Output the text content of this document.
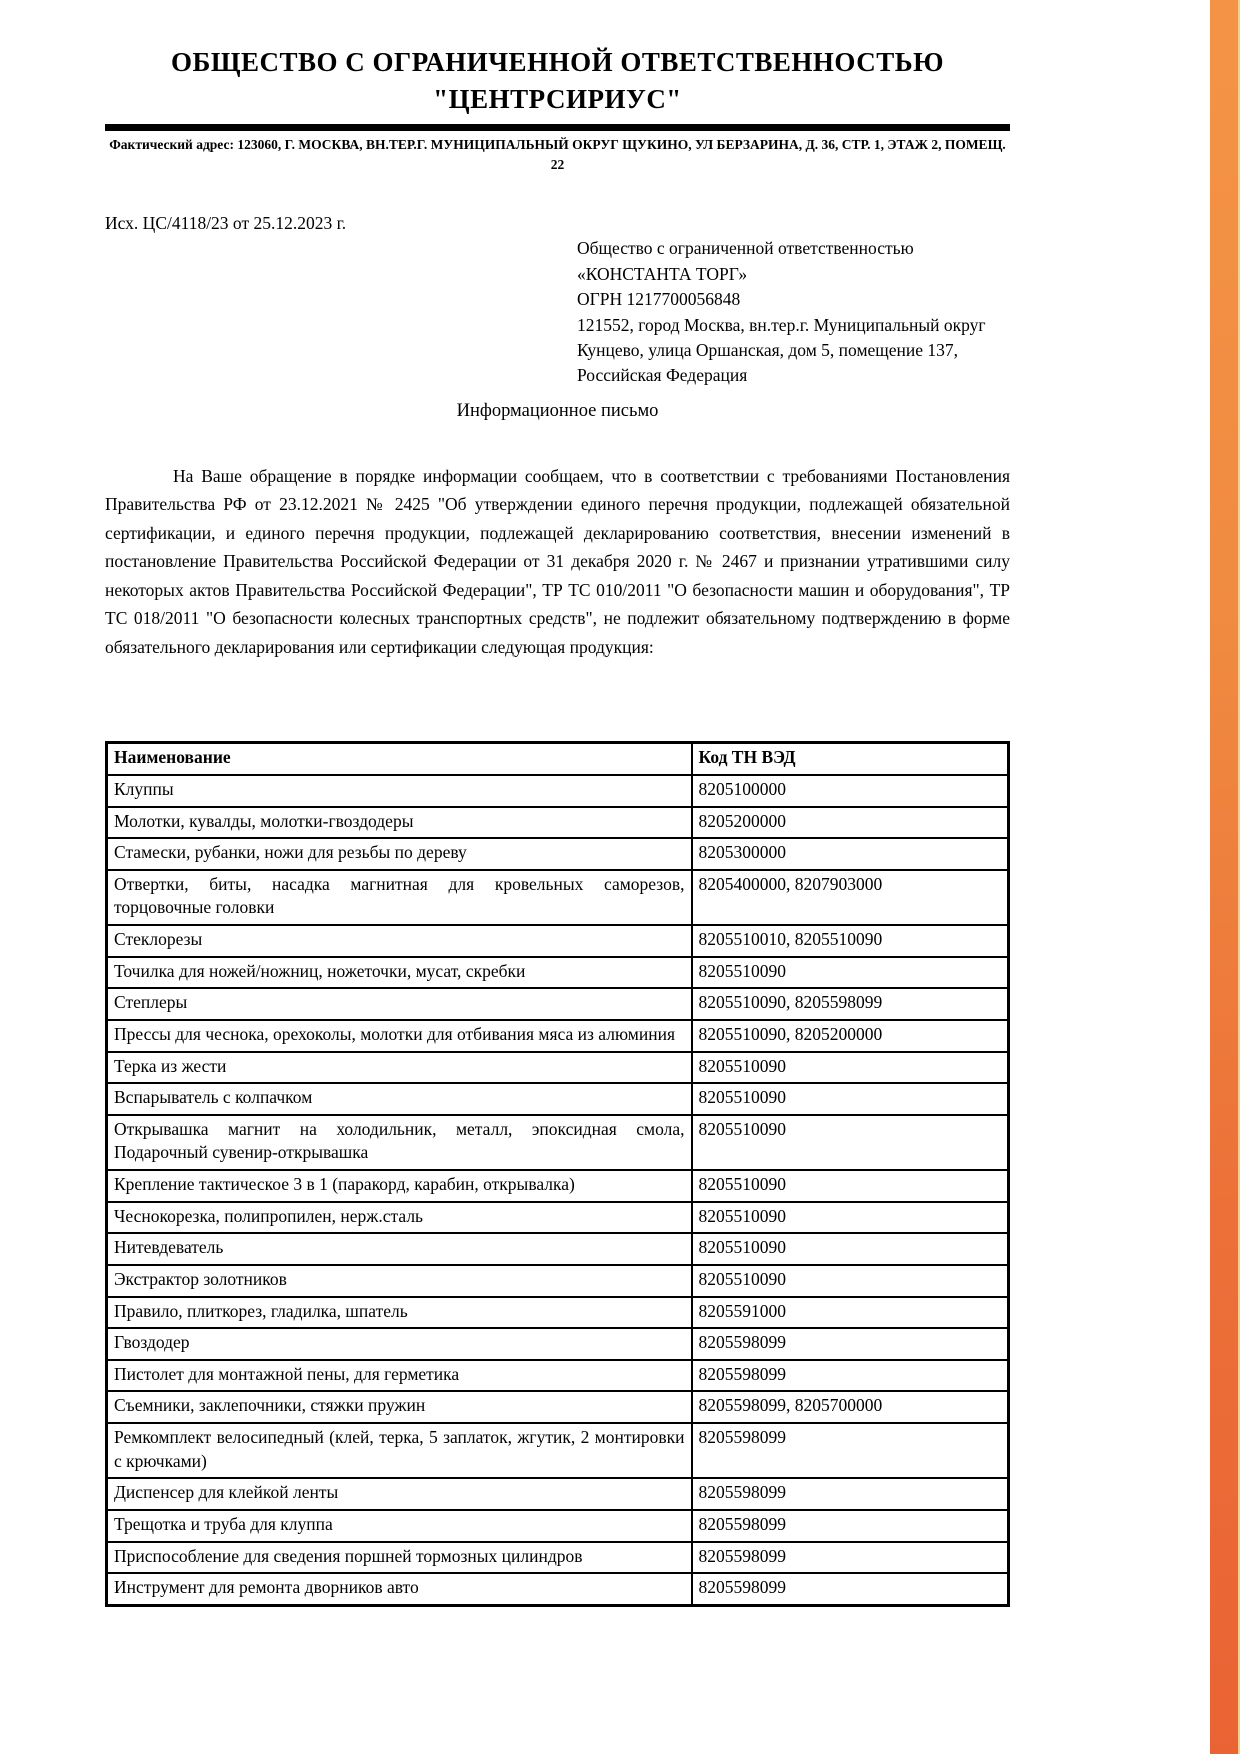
ОБЩЕСТВО С ОГРАНИЧЕННОЙ ОТВЕТСТВЕННОСТЬЮ
"ЦЕНТРСИРИУС"
Фактический адрес: 123060, Г. МОСКВА, ВН.ТЕР.Г. МУНИЦИПАЛЬНЫЙ ОКРУГ ЩУКИНО, УЛ БЕРЗАРИНА, Д. 36, СТР. 1, ЭТАЖ 2, ПОМЕЩ. 22
Исх. ЦС/4118/23 от 25.12.2023 г.
Общество с ограниченной ответственностью
«КОНСТАНТА ТОРГ»
ОГРН 1217700056848
121552, город Москва, вн.тер.г. Муниципальный округ
Кунцево, улица Оршанская, дом 5, помещение 137,
Российская Федерация
Информационное письмо

На Ваше обращение в порядке информации сообщаем, что в соответствии с требованиями Постановления Правительства РФ от 23.12.2021 № 2425 "Об утверждении единого перечня продукции, подлежащей обязательной сертификации, и единого перечня продукции, подлежащей декларированию соответствия, внесении изменений в постановление Правительства Российской Федерации от 31 декабря 2020 г. № 2467 и признании утратившими силу некоторых актов Правительства Российской Федерации", ТР ТС 010/2011 "О безопасности машин и оборудования", ТР ТС 018/2011 "О безопасности колесных транспортных средств", не подлежит обязательному подтверждению в форме обязательного декларирования или сертификации следующая продукция:

Наименование	Код ТН ВЭД
Клуппы	8205100000
Молотки, кувалды, молотки-гвоздодеры	8205200000
Стамески, рубанки, ножи для резьбы по дереву	8205300000
Отвертки, биты, насадка магнитная для кровельных саморезов, торцовочные головки	8205400000, 8207903000
Стеклорезы	8205510010, 8205510090
Точилка для ножей/ножниц, ножеточки, мусат, скребки	8205510090
Степлеры	8205510090, 8205598099
Прессы для чеснока, орехоколы, молотки для отбивания мяса из алюминия	8205510090, 8205200000
Терка из жести	8205510090
Вспарыватель с колпачком	8205510090
Открывашка магнит на холодильник, металл, эпоксидная смола, Подарочный сувенир-открывашка	8205510090
Крепление тактическое 3 в 1 (паракорд, карабин, открывалка)	8205510090
Чеснокорезка, полипропилен, нерж.сталь	8205510090
Нитевдеватель	8205510090
Экстрактор золотников	8205510090
Правило, плиткорез, гладилка, шпатель	8205591000
Гвоздодер	8205598099
Пистолет для монтажной пены, для герметика	8205598099
Съемники, заклепочники, стяжки пружин	8205598099, 8205700000
Ремкомплект велосипедный (клей, терка, 5 заплаток, жгутик, 2 монтировки с крючками)	8205598099
Диспенсер для клейкой ленты	8205598099
Трещотка и труба для клуппа	8205598099
Приспособление для сведения поршней тормозных цилиндров	8205598099
Инструмент для ремонта дворников авто	8205598099
